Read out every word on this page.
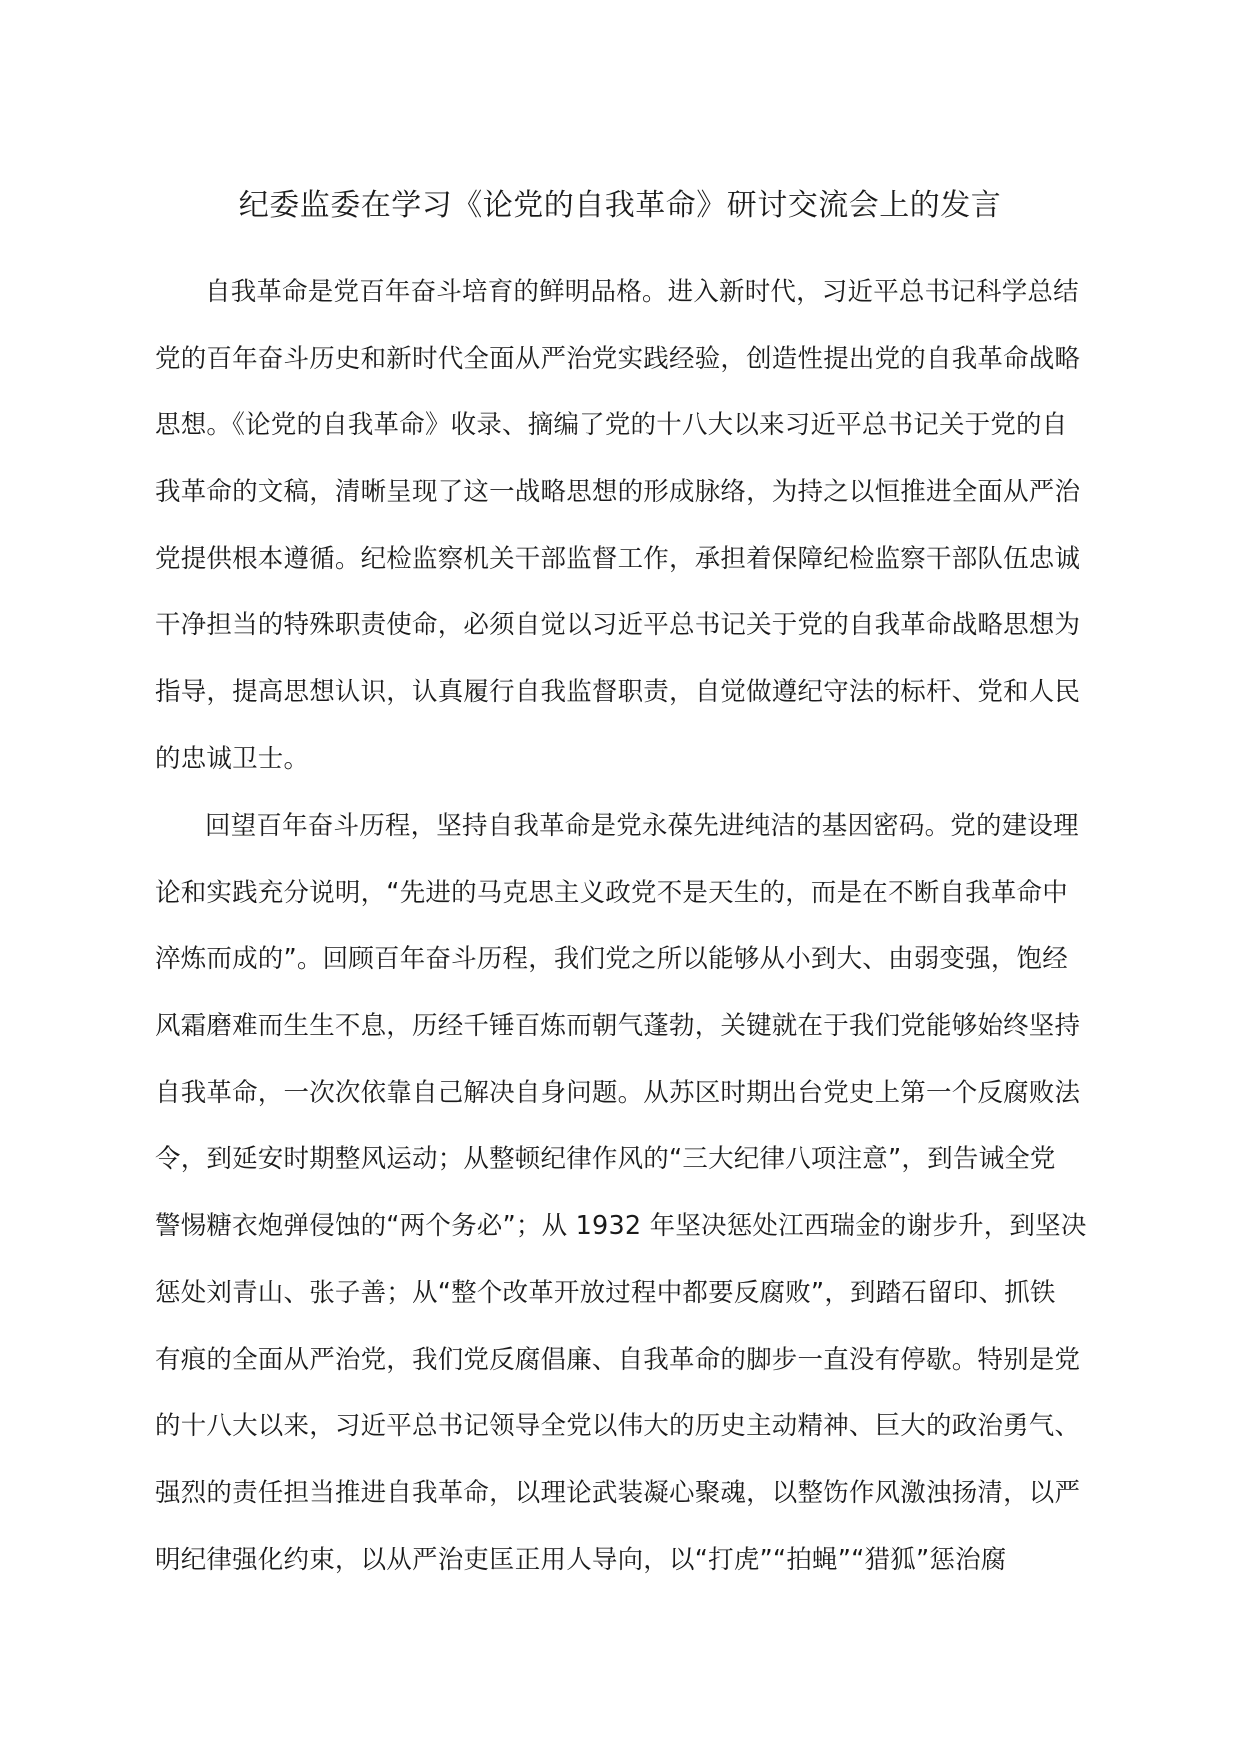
纪委监委在学习《论党的自我革命》研讨交流会上的发言
自我革命是党百年奋斗培育的鲜明品格。进入新时代，习近平总书记科学总结
党的百年奋斗历史和新时代全面从严治党实践经验，创造性提出党的自我革命战略
思想。《论党的自我革命》收录、摘编了党的十八大以来习近平总书记关于党的自
我革命的文稿，清晰呈现了这一战略思想的形成脉络，为持之以恒推进全面从严治
党提供根本遵循。纪检监察机关干部监督工作，承担着保障纪检监察干部队伍忠诚
干净担当的特殊职责使命，必须自觉以习近平总书记关于党的自我革命战略思想为
指导，提高思想认识，认真履行自我监督职责，自觉做遵纪守法的标杆、党和人民
的忠诚卫士。
回望百年奋斗历程，坚持自我革命是党永葆先进纯洁的基因密码。党的建设理
论和实践充分说明，“先进的马克思主义政党不是天生的，而是在不断自我革命中
淬炼而成的”。回顾百年奋斗历程，我们党之所以能够从小到大、由弱变强，饱经
风霜磨难而生生不息，历经千锤百炼而朝气蓬勃，关键就在于我们党能够始终坚持
自我革命，一次次依靠自己解决自身问题。从苏区时期出台党史上第一个反腐败法
令，到延安时期整风运动；从整顿纪律作风的“三大纪律八项注意”，到告诫全党
警惕糖衣炮弹侵蚀的“两个务必”；从 1932 年坚决惩处江西瑞金的谢步升，到坚决
惩处刘青山、张子善；从“整个改革开放过程中都要反腐败”，到踏石留印、抓铁
有痕的全面从严治党，我们党反腐倡廉、自我革命的脚步一直没有停歇。特别是党
的十八大以来，习近平总书记领导全党以伟大的历史主动精神、巨大的政治勇气、
强烈的责任担当推进自我革命，以理论武装凝心聚魂，以整饬作风激浊扬清，以严
明纪律强化约束，以从严治吏匡正用人导向，以“打虎”“拍蝇”“猎狐”惩治腐
